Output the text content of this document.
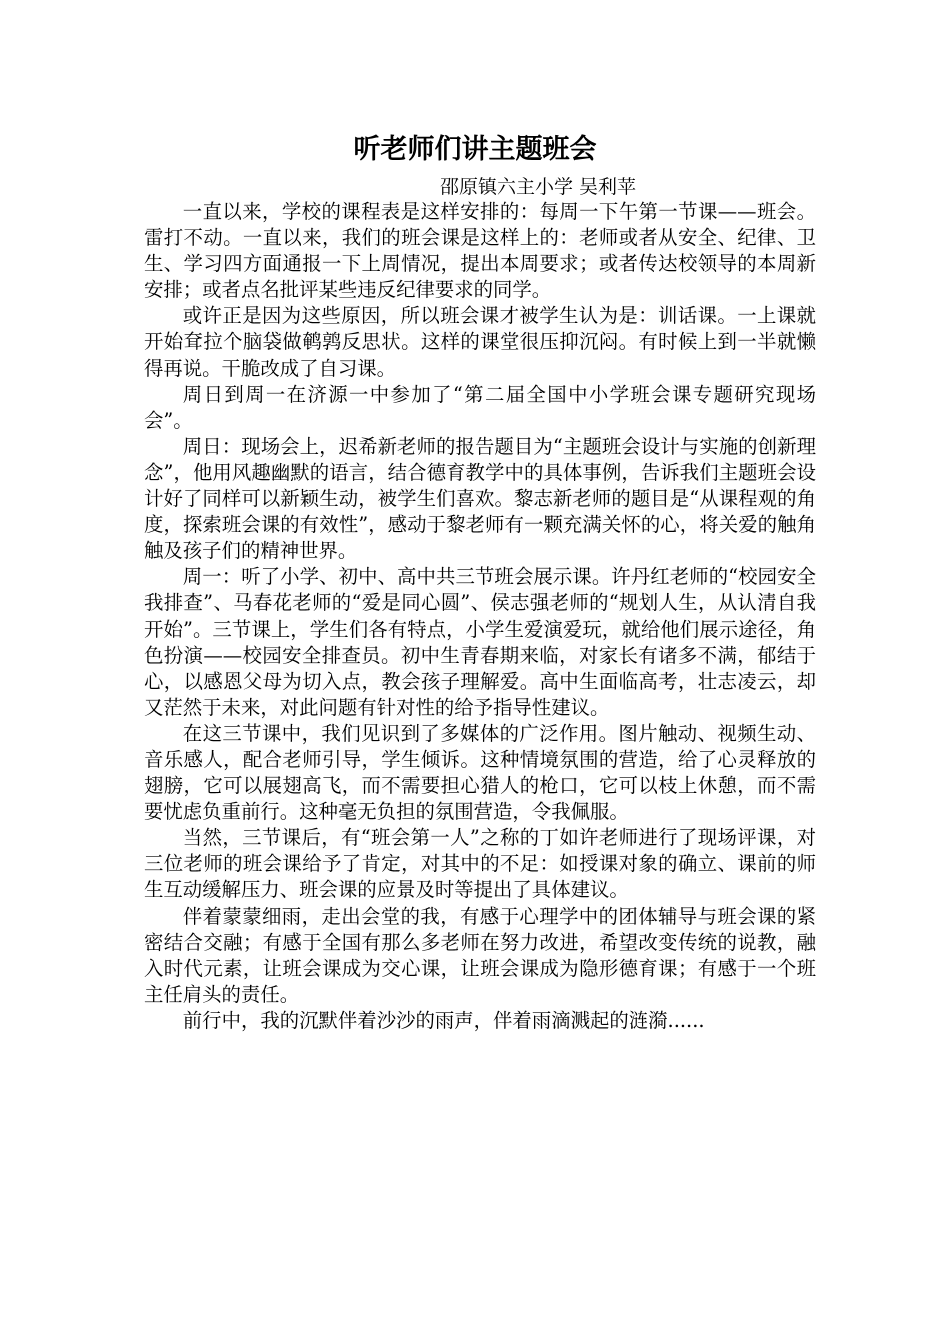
听老师们讲主题班会
邵原镇六主小学 吴利苹

一直以来，学校的课程表是这样安排的：每周一下午第一节课——班会。雷打不动。一直以来，我们的班会课是这样上的：老师或者从安全、纪律、卫生、学习四方面通报一下上周情况，提出本周要求；或者传达校领导的本周新安排；或者点名批评某些违反纪律要求的同学。

或许正是因为这些原因，所以班会课才被学生认为是：训话课。一上课就开始耷拉个脑袋做鹌鹑反思状。这样的课堂很压抑沉闷。有时候上到一半就懒得再说。干脆改成了自习课。

周日到周一在济源一中参加了“第二届全国中小学班会课专题研究现场会”。

周日：现场会上，迟希新老师的报告题目为“主题班会设计与实施的创新理念”，他用风趣幽默的语言，结合德育教学中的具体事例，告诉我们主题班会设计好了同样可以新颖生动，被学生们喜欢。黎志新老师的题目是“从课程观的角度，探索班会课的有效性”，感动于黎老师有一颗充满关怀的心，将关爱的触角触及孩子们的精神世界。

周一：听了小学、初中、高中共三节班会展示课。许丹红老师的“校园安全我排查”、马春花老师的“爱是同心圆”、侯志强老师的“规划人生，从认清自我开始”。三节课上，学生们各有特点，小学生爱演爱玩，就给他们展示途径，角色扮演——校园安全排查员。初中生青春期来临，对家长有诸多不满，郁结于心，以感恩父母为切入点，教会孩子理解爱。高中生面临高考，壮志凌云，却又茫然于未来，对此问题有针对性的给予指导性建议。

在这三节课中，我们见识到了多媒体的广泛作用。图片触动、视频生动、音乐感人，配合老师引导，学生倾诉。这种情境氛围的营造，给了心灵释放的翅膀，它可以展翅高飞，而不需要担心猎人的枪口，它可以枝上休憩，而不需要忧虑负重前行。这种毫无负担的氛围营造，令我佩服。

当然，三节课后，有“班会第一人”之称的丁如许老师进行了现场评课，对三位老师的班会课给予了肯定，对其中的不足：如授课对象的确立、课前的师生互动缓解压力、班会课的应景及时等提出了具体建议。

伴着蒙蒙细雨，走出会堂的我，有感于心理学中的团体辅导与班会课的紧密结合交融；有感于全国有那么多老师在努力改进，希望改变传统的说教，融入时代元素，让班会课成为交心课，让班会课成为隐形德育课；有感于一个班主任肩头的责任。

前行中，我的沉默伴着沙沙的雨声，伴着雨滴溅起的涟漪......
